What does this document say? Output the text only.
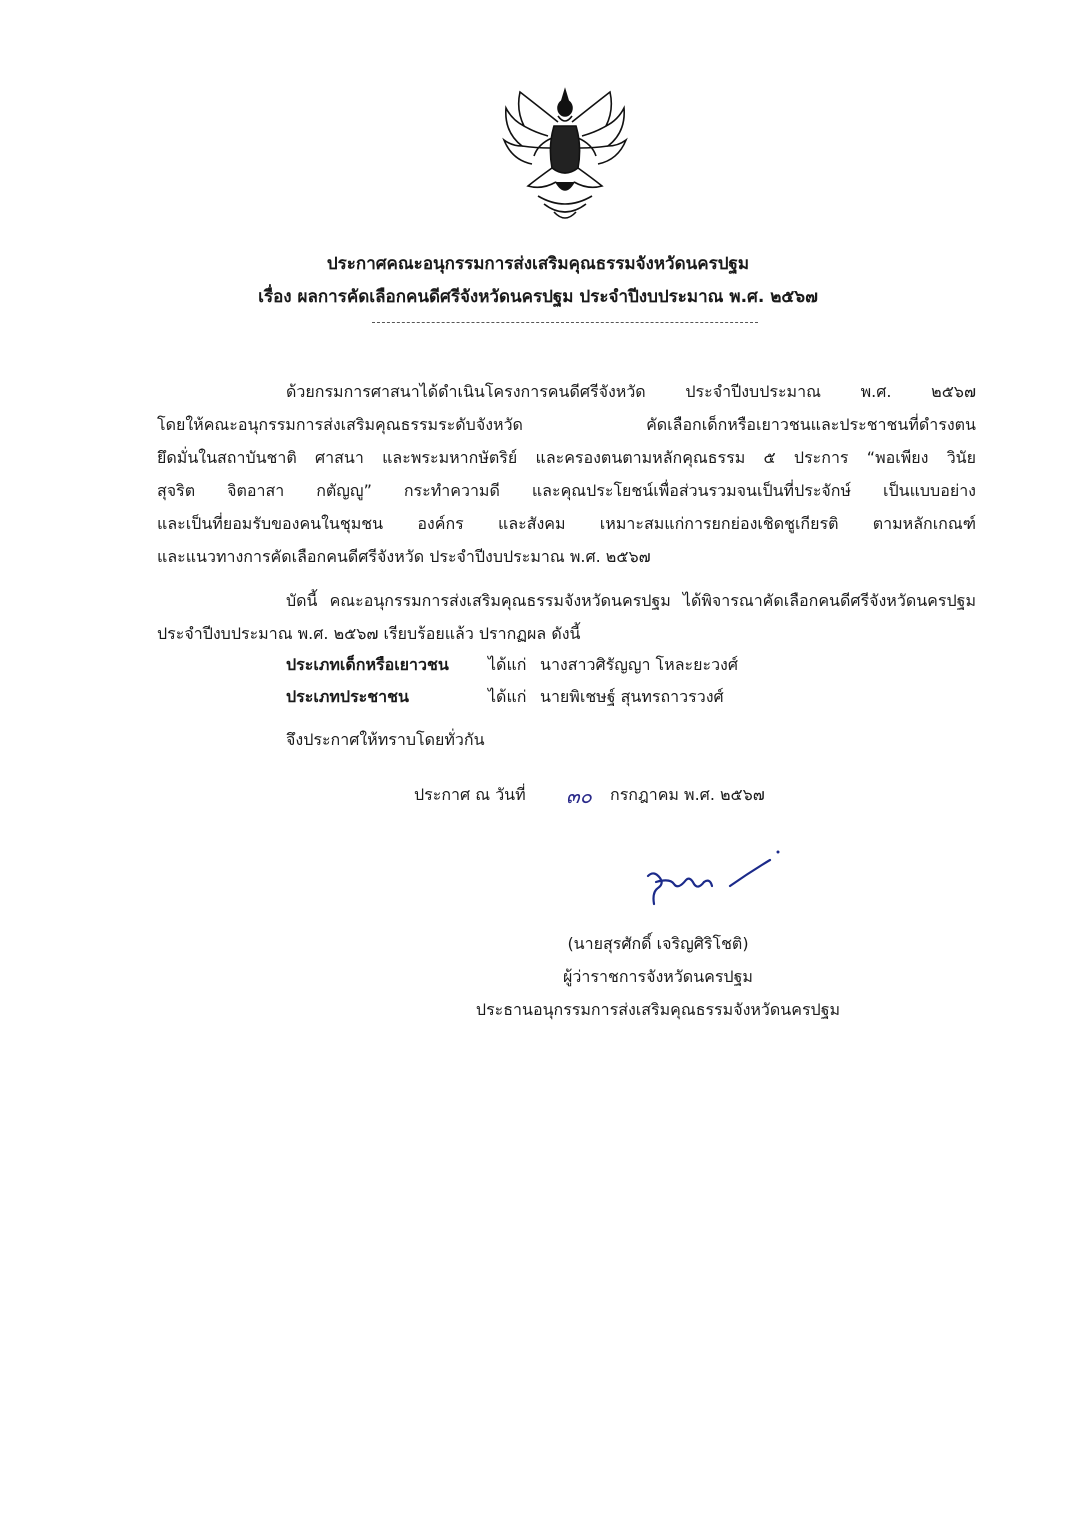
ประกาศคณะอนุกรรมการส่งเสริมคุณธรรมจังหวัดนครปฐม
เรื่อง ผลการคัดเลือกคนดีศรีจังหวัดนครปฐม ประจำปีงบประมาณ พ.ศ. ๒๕๖๗
ด้วยกรมการศาสนาได้ดำเนินโครงการคนดีศรีจังหวัด ประจำปีงบประมาณ พ.ศ. ๒๕๖๗
โดยให้คณะอนุกรรมการส่งเสริมคุณธรรมระดับจังหวัด คัดเลือกเด็กหรือเยาวชนและประชาชนที่ดำรงตน
ยึดมั่นในสถาบันชาติ ศาสนา และพระมหากษัตริย์ และครองตนตามหลักคุณธรรม ๕ ประการ “พอเพียง วินัย
สุจริต จิตอาสา กตัญญู” กระทำความดี และคุณประโยชน์เพื่อส่วนรวมจนเป็นที่ประจักษ์ เป็นแบบอย่าง
และเป็นที่ยอมรับของคนในชุมชน องค์กร และสังคม เหมาะสมแก่การยกย่องเชิดชูเกียรติ ตามหลักเกณฑ์
และแนวทางการคัดเลือกคนดีศรีจังหวัด ประจำปีงบประมาณ พ.ศ. ๒๕๖๗
บัดนี้ คณะอนุกรรมการส่งเสริมคุณธรรมจังหวัดนครปฐม ได้พิจารณาคัดเลือกคนดีศรีจังหวัดนครปฐม
ประจำปีงบประมาณ พ.ศ. ๒๕๖๗ เรียบร้อยแล้ว ปรากฏผล ดังนี้
ประเภทเด็กหรือเยาวชน ได้แก่ นางสาวศิรัญญา โหละยะวงศ์
ประเภทประชาชน	ได้แก่ นายพิเชษฐ์ สุนทรถาวรวงศ์
จึงประกาศให้ทราบโดยทั่วกัน
ประกาศ ณ วันที่ ๓๐ กรกฎาคม พ.ศ. ๒๕๖๗
(นายสุรศักดิ์ เจริญศิริโชติ)
ผู้ว่าราชการจังหวัดนครปฐม
ประธานอนุกรรมการส่งเสริมคุณธรรมจังหวัดนครปฐม
